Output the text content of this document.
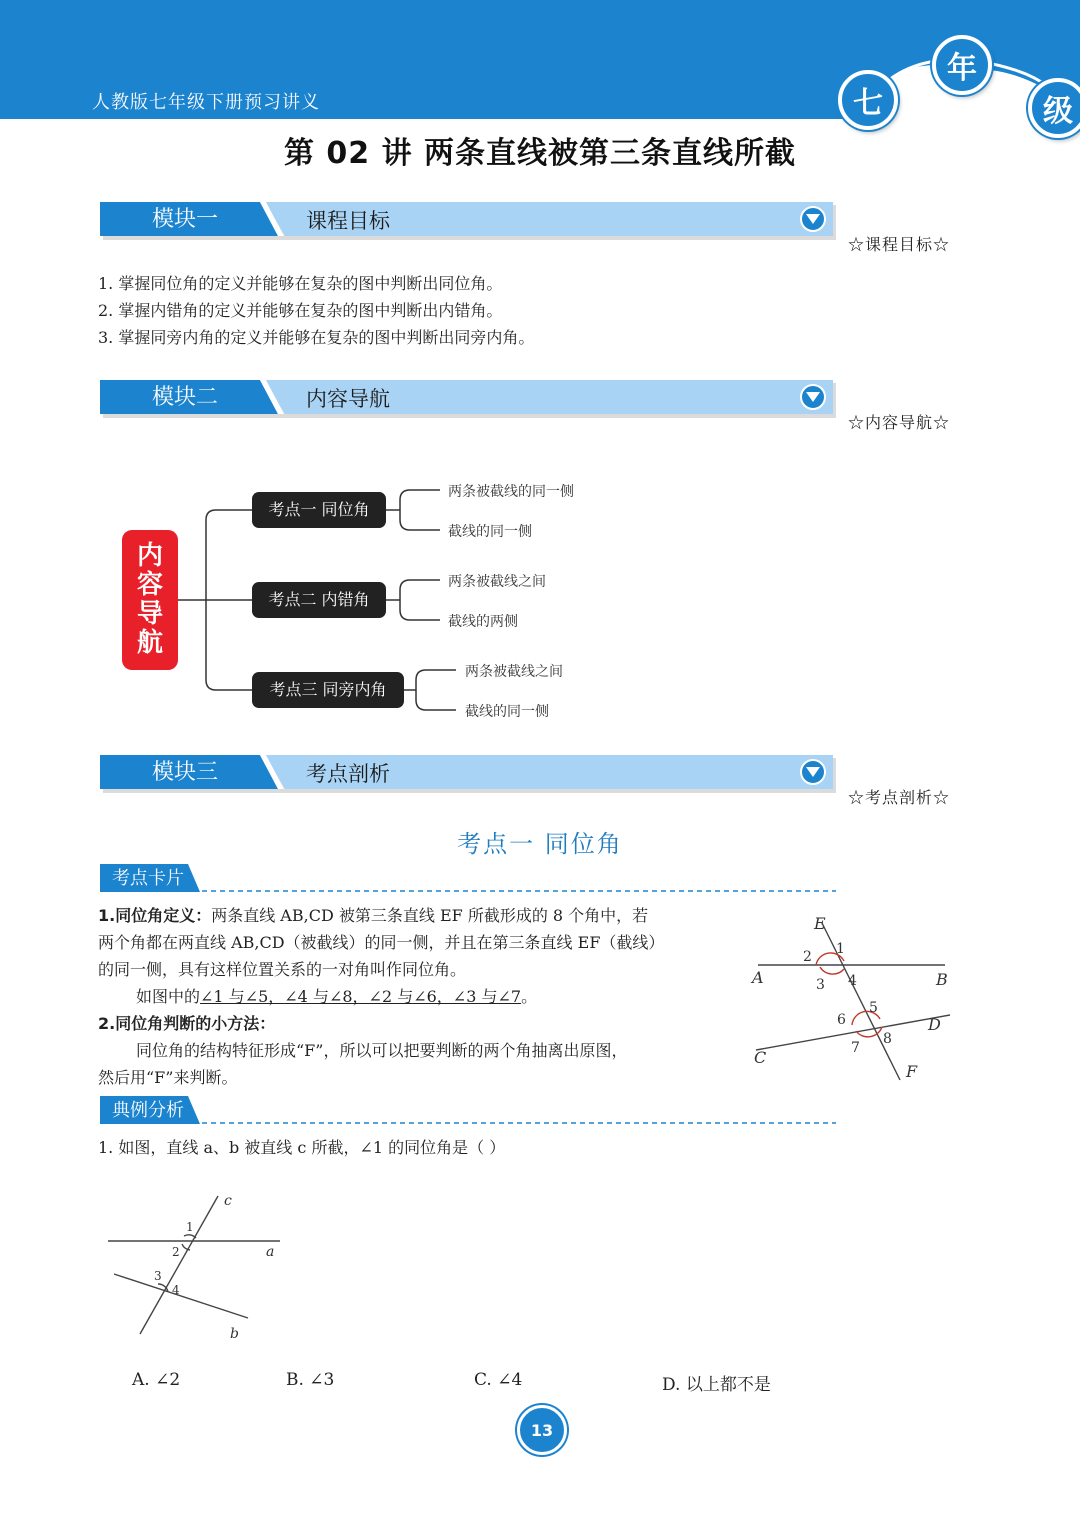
人教版七年级下册预习讲义	七
年
级
第 02 讲 两条直线被第三条直线所截
模块一	课程目标
☆课程目标☆
1. 掌握同位角的定义并能够在复杂的图中判断出同位角。
2. 掌握内错角的定义并能够在复杂的图中判断出内错角。
3. 掌握同旁内角的定义并能够在复杂的图中判断出同旁内角。
模块二	内容导航
☆内容导航☆
内
容
导
航
考点一 同位角
考点二 内错角
考点三 同旁内角
两条被截线的同一侧
截线的同一侧
两条被截线之间
截线的两侧
两条被截线之间
截线的同一侧
模块三	考点剖析
☆考点剖析☆
考点一 同位角
考点卡片
1.同位角定义：两条直线 AB,CD 被第三条直线 EF 所截形成的 8 个角中，若
两个角都在两直线 AB,CD（被截线）的同一侧，并且在第三条直线 EF（截线）
的同一侧，具有这样位置关系的一对角叫作同位角。
如图中的∠1 与∠5，∠4 与∠8，∠2 与∠6，∠3 与∠7。
2.同位角判断的小方法：
同位角的结构特征形成“F”，所以可以把要判断的两个角抽离出原图，
然后用“F”来判断。
E
F
A	B
C
D
1
2
3 4
5
6
7
8
典例分析
1. 如图，直线 a、b 被直线 c 所截，∠1 的同位角是（ ）
c
a
b
1
2
3
4
A. ∠2	B. ∠3	C. ∠4	D. 以上都不是
13
